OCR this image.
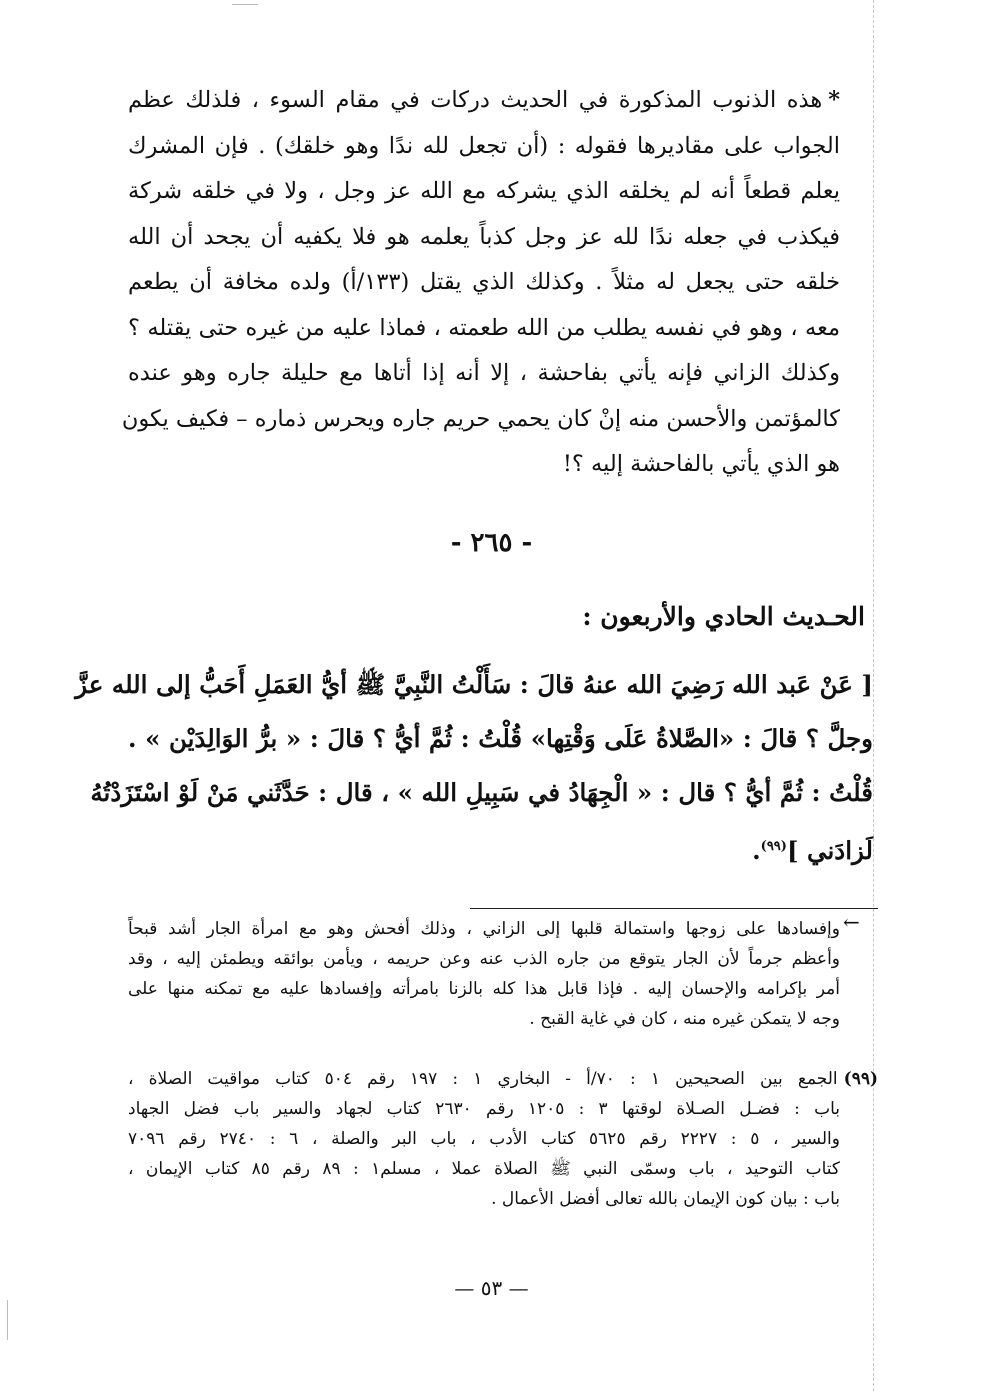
*هذه الذنوب المذكورة في الحديث دركات في مقام السوء ، فلذلك عظم
الجواب على مقاديرها فقوله : (أن تجعل لله ندًا وهو خلقك) . فإن المشرك
يعلم قطعاً أنه لم يخلقه الذي يشركه مع الله عز وجل ، ولا في خلقه شركة
فيكذب في جعله ندًا لله عز وجل كذباً يعلمه هو فلا يكفيه أن يجحد أن الله
خلقه حتى يجعل له مثلاً . وكذلك الذي يقتل (١٣٣/أ) ولده مخافة أن يطعم
معه ، وهو في نفسه يطلب من الله طعمته ، فماذا عليه من غيره حتى يقتله ؟
وكذلك الزاني فإنه يأتي بفاحشة ، إلا أنه إذا أتاها مع حليلة جاره وهو عنده
كالمؤتمن والأحسن منه إنْ كان يحمي حريم جاره ويحرس ذماره – فكيف يكون
هو الذي يأتي بالفاحشة إليه ؟!
- ٢٦٥ -
الحـديث الحادي والأربعون :
[ عَنْ عَبد الله رَضِيَ الله عنهُ قالَ : سَأَلْتُ النَّبِيَّ ﷺ أيُّ العَمَلِ أَحَبُّ إلى الله عزَّ
وجلَّ ؟ قالَ : «الصَّلاةُ عَلَى وَقْتِها» قُلْتُ : ثُمَّ أيُّ ؟ قالَ : « برُّ الوَالِدَيْن » .
قُلْتُ : ثُمَّ أيُّ ؟ قال : « الْجِهَادُ في سَبِيلِ الله » ، قال : حَدَّثَني مَنْ لَوْ اسْتَزَدْتُهُ
لَزادَني ]$^{(٩٩)}$.
←
وإفسادها على زوجها واستمالة قلبها إلى الزاني ، وذلك أفحش وهو مع امرأة الجار أشد قبحاً
وأعظم جرماً لأن الجار يتوقع من جاره الذب عنه وعن حريمه ، ويأمن بوائقه ويطمئن إليه ، وقد
أمر بإكرامه والإحسان إليه . فإذا قابل هذا كله بالزنا بامرأته وإفسادها عليه مع تمكنه منها على
وجه لا يتمكن غيره منه ، كان في غاية القبح .
(٩٩)الجمع بين الصحيحين ١ : ٧٠/أ - البخاري ١ : ١٩٧ رقم ٥٠٤ كتاب مواقيت الصلاة ،
باب : فضـل الصـلاة لوقتها ٣ : ١٢٠٥ رقم ٢٦٣٠ كتاب لجهاد والسير باب فضل الجهاد
والسير ، ٥ : ٢٢٢٧ رقم ٥٦٢٥ كتاب الأدب ، باب البر والصلة ، ٦ : ٢٧٤٠ رقم ٧٠٩٦
كتاب التوحيد ، باب وسمّى النبي ﷺ الصلاة عملا ، مسلم١ : ٨٩ رقم ٨٥ كتاب الإيمان ،
باب : بيان كون الإيمان بالله تعالى أفضل الأعمال .
— ٥٣ —
